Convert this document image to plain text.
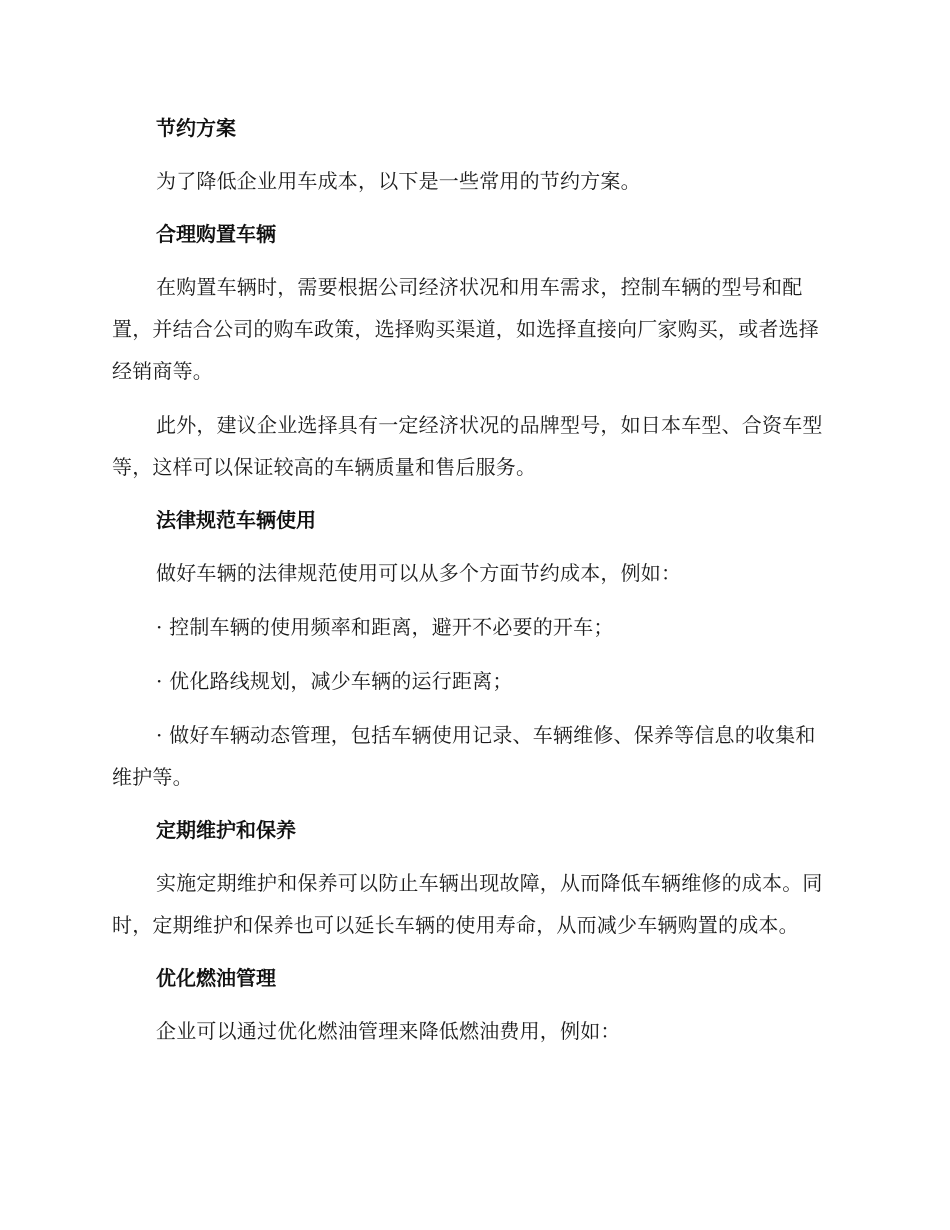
节约方案
为了降低企业用车成本，以下是一些常用的节约方案。
合理购置车辆
在购置车辆时，需要根据公司经济状况和用车需求，控制车辆的型号和配置，并结合公司的购车政策，选择购买渠道，如选择直接向厂家购买，或者选择经销商等。
此外，建议企业选择具有一定经济状况的品牌型号，如日本车型、合资车型等，这样可以保证较高的车辆质量和售后服务。
法律规范车辆使用
做好车辆的法律规范使用可以从多个方面节约成本，例如：
· 控制车辆的使用频率和距离，避开不必要的开车；
· 优化路线规划，减少车辆的运行距离；
· 做好车辆动态管理，包括车辆使用记录、车辆维修、保养等信息的收集和维护等。
定期维护和保养
实施定期维护和保养可以防止车辆出现故障，从而降低车辆维修的成本。同时，定期维护和保养也可以延长车辆的使用寿命，从而减少车辆购置的成本。
优化燃油管理
企业可以通过优化燃油管理来降低燃油费用，例如：
